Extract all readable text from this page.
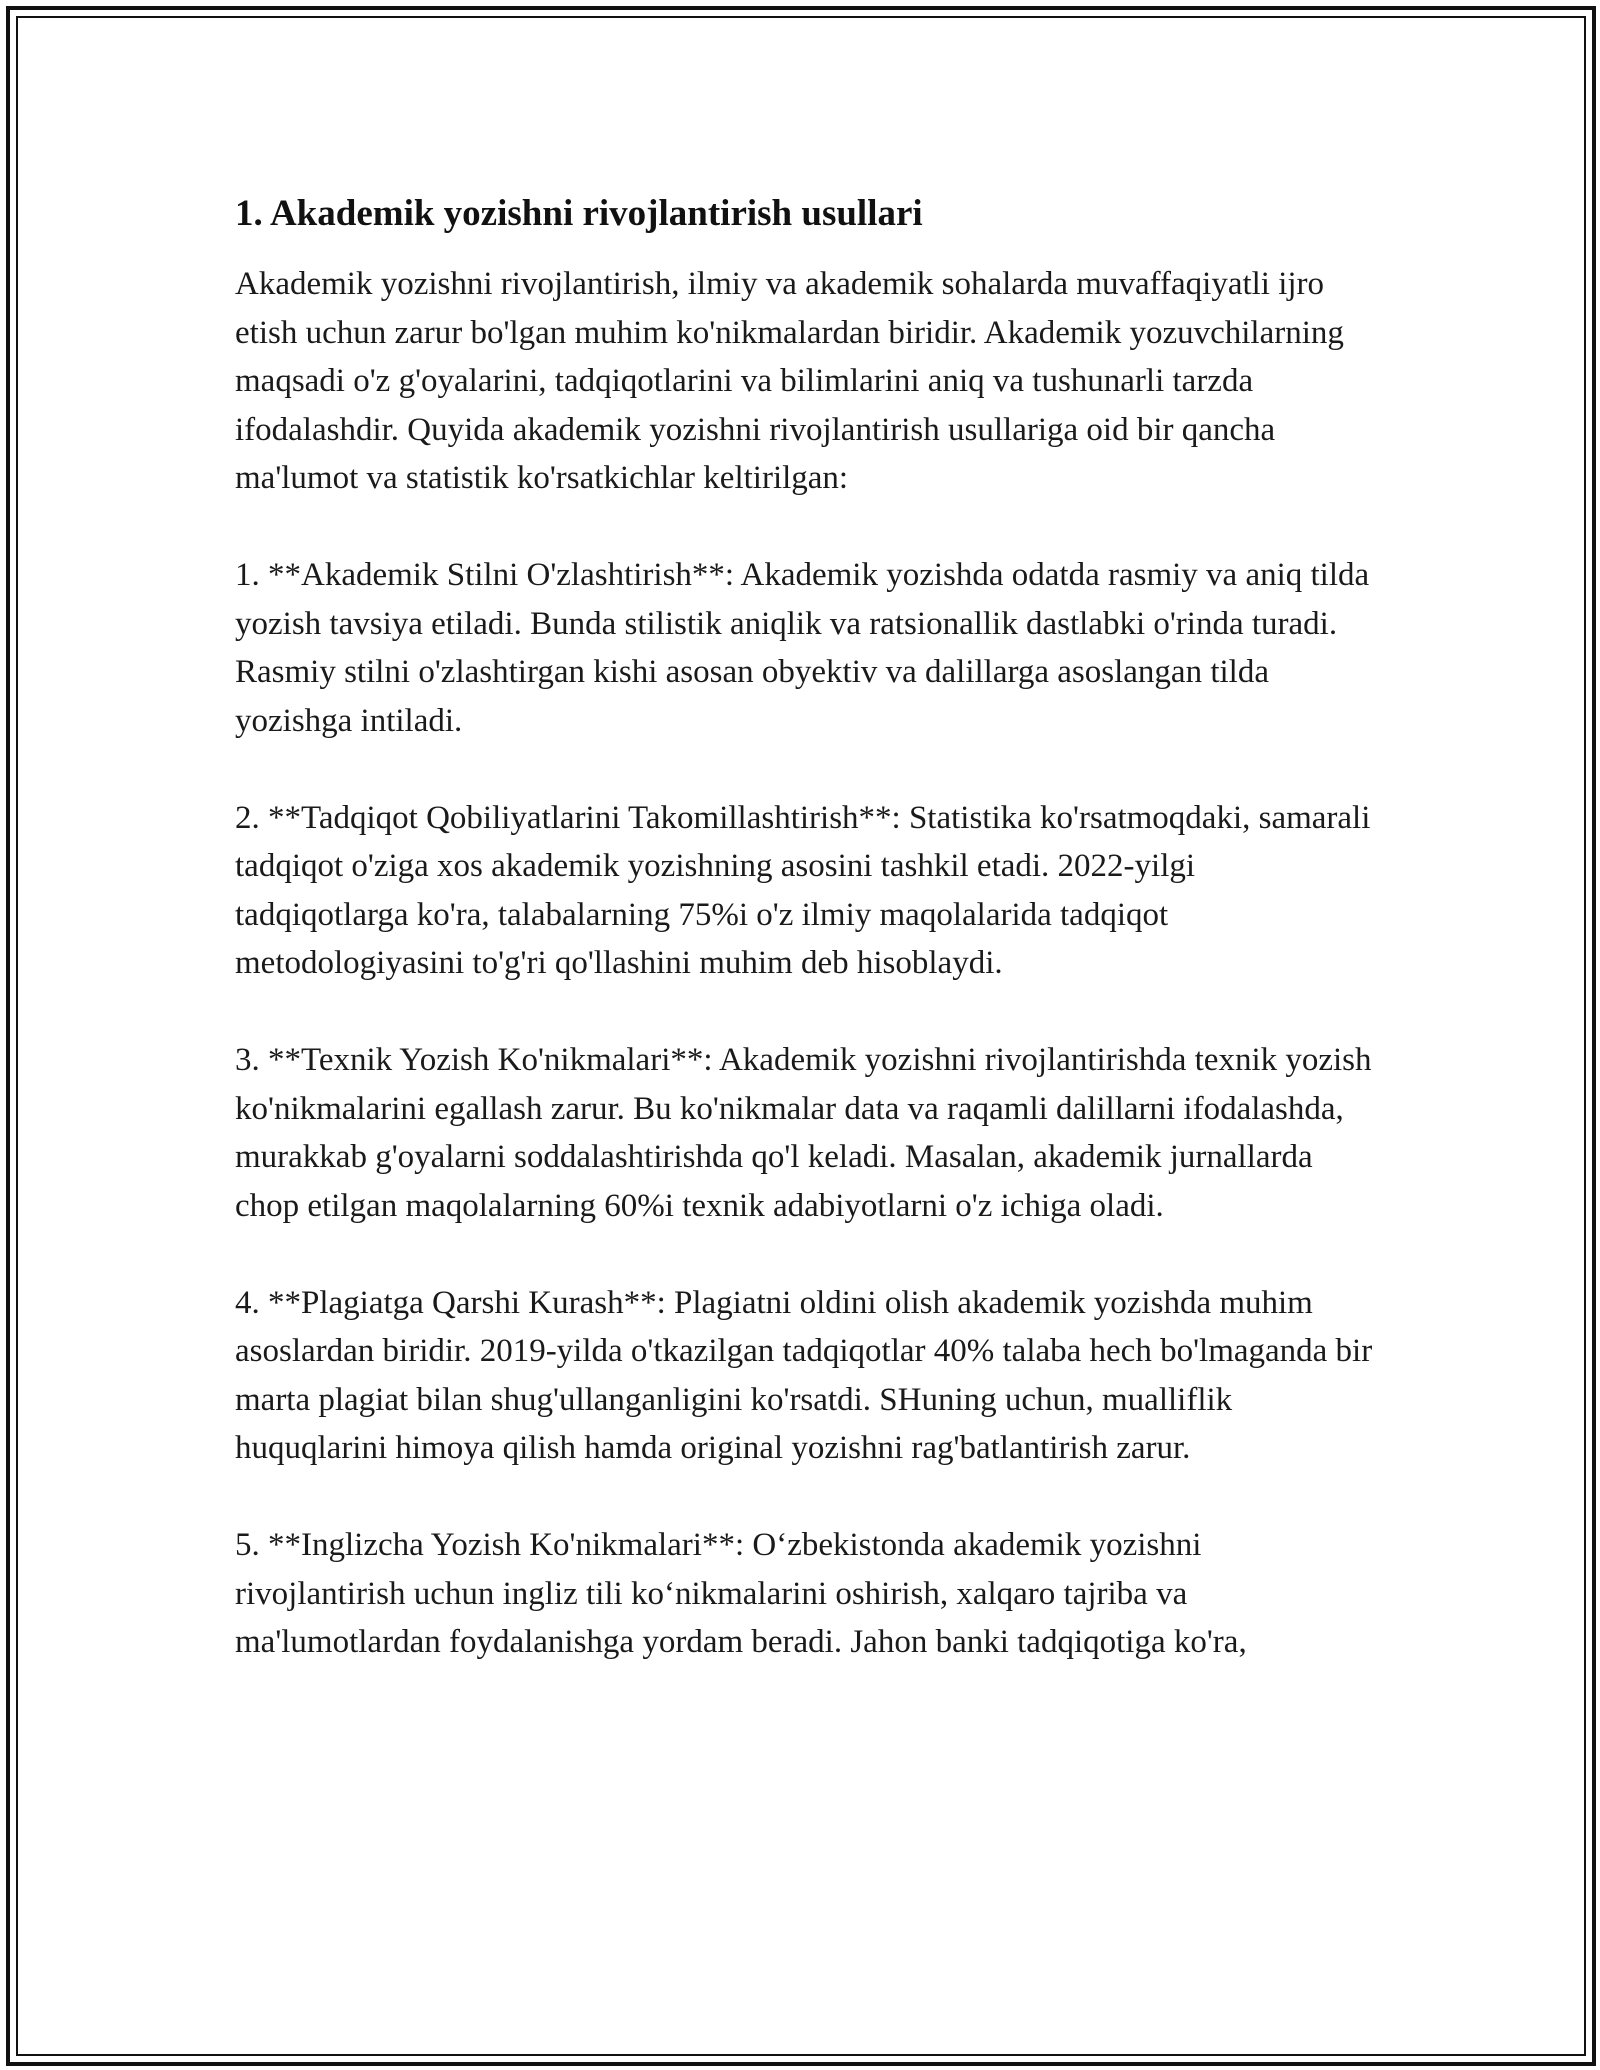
1. Akademik yozishni rivojlantirish usullari

Akademik yozishni rivojlantirish, ilmiy va akademik sohalarda muvaffaqiyatli ijro etish uchun zarur bo'lgan muhim ko'nikmalardan biridir. Akademik yozuvchilarning maqsadi o'z g'oyalarini, tadqiqotlarini va bilimlarini aniq va tushunarli tarzda ifodalashdir. Quyida akademik yozishni rivojlantirish usullariga oid bir qancha ma'lumot va statistik ko'rsatkichlar keltirilgan:

1. **Akademik Stilni O'zlashtirish**: Akademik yozishda odatda rasmiy va aniq tilda yozish tavsiya etiladi. Bunda stilistik aniqlik va ratsionallik dastlabki o'rinda turadi. Rasmiy stilni o'zlashtirgan kishi asosan obyektiv va dalillarga asoslangan tilda yozishga intiladi.

2. **Tadqiqot Qobiliyatlarini Takomillashtirish**: Statistika ko'rsatmoqdaki, samarali tadqiqot o'ziga xos akademik yozishning asosini tashkil etadi. 2022-yilgi tadqiqotlarga ko'ra, talabalarning 75%i o'z ilmiy maqolalarida tadqiqot metodologiyasini to'g'ri qo'llashini muhim deb hisoblaydi.

3. **Texnik Yozish Ko'nikmalari**: Akademik yozishni rivojlantirishda texnik yozish ko'nikmalarini egallash zarur. Bu ko'nikmalar data va raqamli dalillarni ifodalashda, murakkab g'oyalarni soddalashtirishda qo'l keladi. Masalan, akademik jurnallarda chop etilgan maqolalarning 60%i texnik adabiyotlarni o'z ichiga oladi.

4. **Plagiatga Qarshi Kurash**: Plagiatni oldini olish akademik yozishda muhim asoslardan biridir. 2019-yilda o'tkazilgan tadqiqotlar 40% talaba hech bo'lmaganda bir marta plagiat bilan shug'ullanganligini ko'rsatdi. SHuning uchun, mualliflik huquqlarini himoya qilish hamda original yozishni rag'batlantirish zarur.

5. **Inglizcha Yozish Ko'nikmalari**: O‘zbekistonda akademik yozishni rivojlantirish uchun ingliz tili ko‘nikmalarini oshirish, xalqaro tajriba va ma'lumotlardan foydalanishga yordam beradi. Jahon banki tadqiqotiga ko'ra,
